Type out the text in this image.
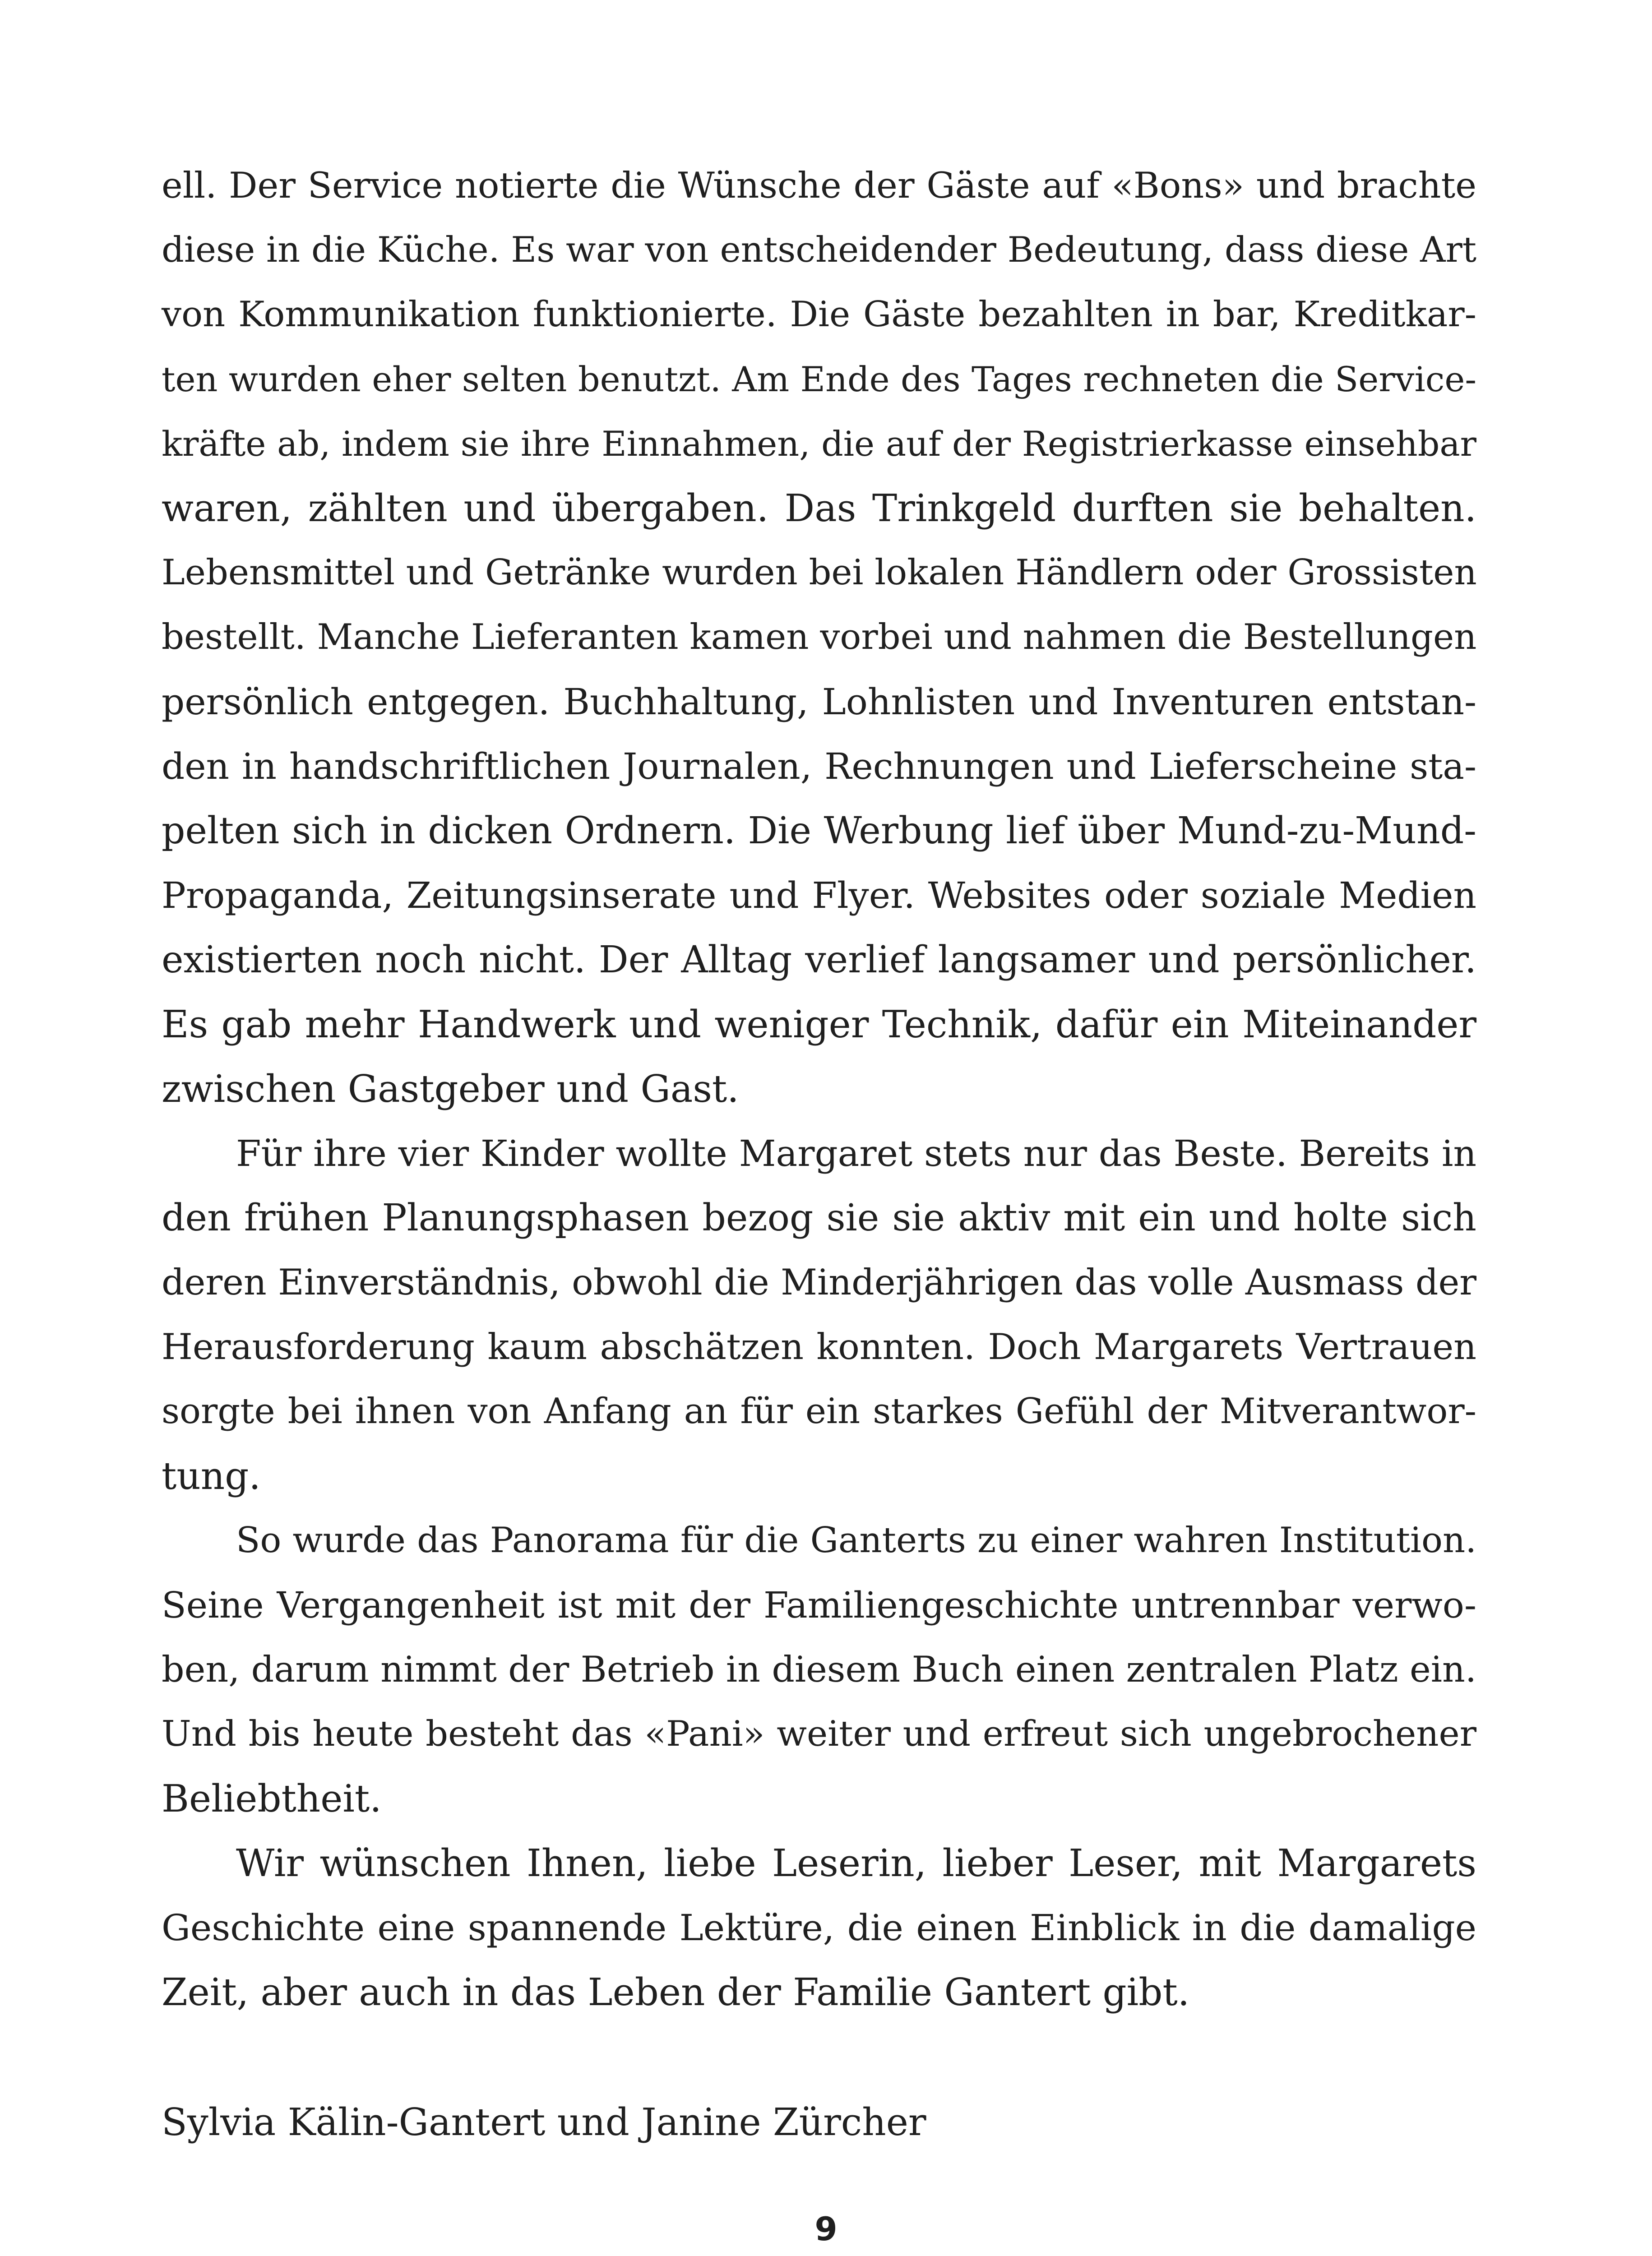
ell. Der Service notierte die Wünsche der Gäste auf «Bons» und brachte
diese in die Küche. Es war von entscheidender Bedeutung, dass diese Art
von Kommunikation funktionierte. Die Gäste bezahlten in bar, Kreditkar-
ten wurden eher selten benutzt. Am Ende des Tages rechneten die Service-
kräfte ab, indem sie ihre Einnahmen, die auf der Registrierkasse einsehbar
waren, zählten und übergaben. Das Trinkgeld durften sie behalten.
Lebensmittel und Getränke wurden bei lokalen Händlern oder Grossisten
bestellt. Manche Lieferanten kamen vorbei und nahmen die Bestellungen
persönlich entgegen. Buchhaltung, Lohnlisten und Inventuren entstan-
den in handschriftlichen Journalen, Rechnungen und Lieferscheine sta-
pelten sich in dicken Ordnern. Die Werbung lief über Mund-zu-Mund-
Propaganda, Zeitungsinserate und Flyer. Websites oder soziale Medien
existierten noch nicht. Der Alltag verlief langsamer und persönlicher.
Es gab mehr Handwerk und weniger Technik, dafür ein Miteinander
zwischen Gastgeber und Gast.
Für ihre vier Kinder wollte Margaret stets nur das Beste. Bereits in
den frühen Planungsphasen bezog sie sie aktiv mit ein und holte sich
deren Einverständnis, obwohl die Minderjährigen das volle Ausmass der
Herausforderung kaum abschätzen konnten. Doch Margarets Vertrauen
sorgte bei ihnen von Anfang an für ein starkes Gefühl der Mitverantwor-
tung.
So wurde das Panorama für die Ganterts zu einer wahren Institution.
Seine Vergangenheit ist mit der Familiengeschichte untrennbar verwo-
ben, darum nimmt der Betrieb in diesem Buch einen zentralen Platz ein.
Und bis heute besteht das «Pani» weiter und erfreut sich ungebrochener
Beliebtheit.
Wir wünschen Ihnen, liebe Leserin, lieber Leser, mit Margarets
Geschichte eine spannende Lektüre, die einen Einblick in die damalige
Zeit, aber auch in das Leben der Familie Gantert gibt.
Sylvia Kälin-Gantert und Janine Zürcher
9
